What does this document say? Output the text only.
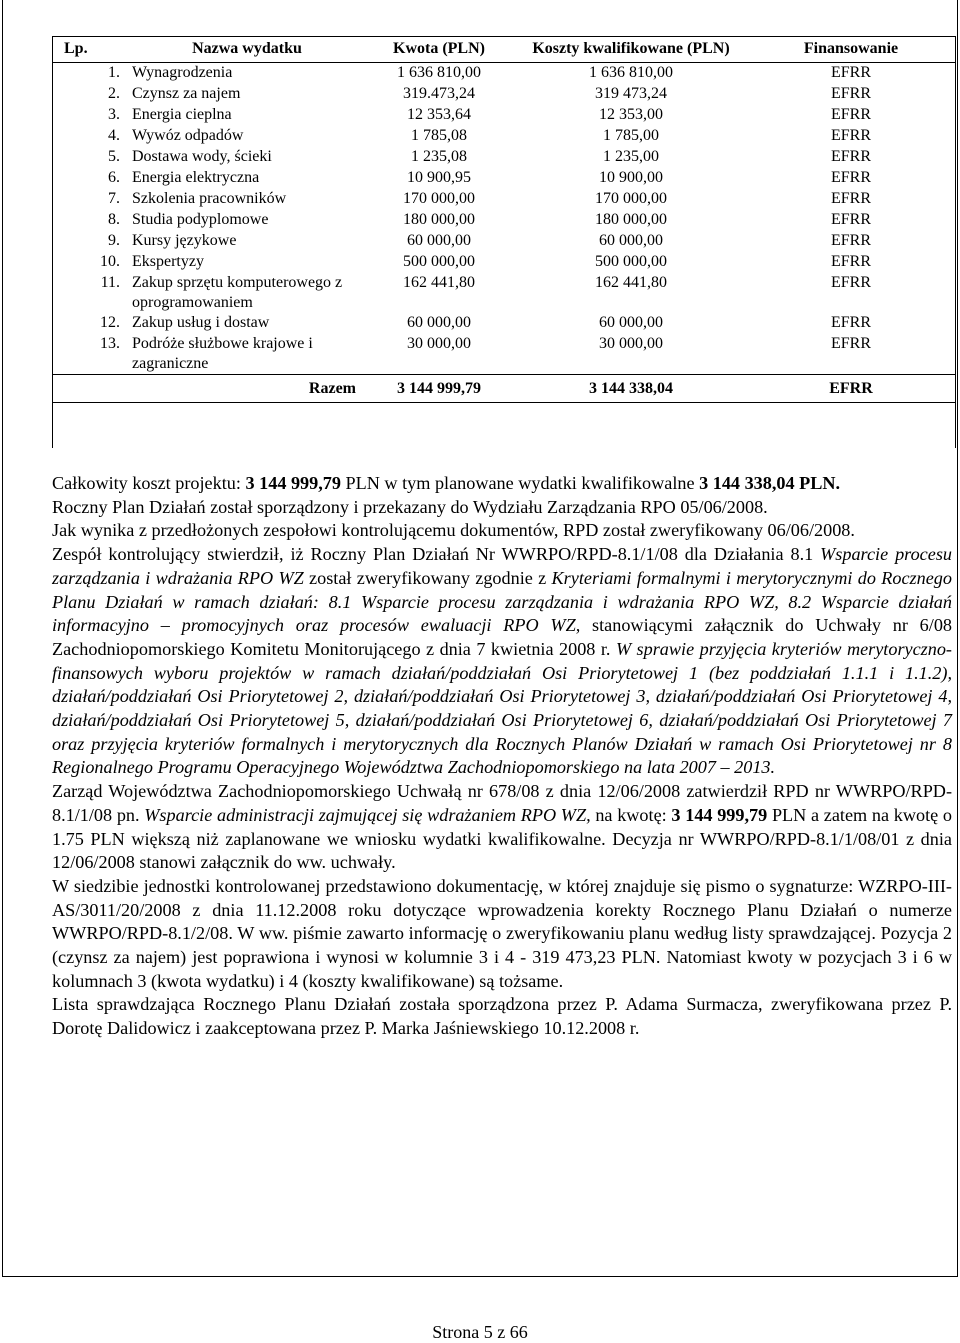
Lp.	Nazwa wydatku	Kwota (PLN)	Koszty kwalifikowane (PLN)	Finansowanie
1.	Wynagrodzenia	1 636 810,00	1 636 810,00	EFRR
2.	Czynsz za najem	319.473,24	319 473,24	EFRR
3.	Energia cieplna	12 353,64	12 353,00	EFRR
4.	Wywóz odpadów	1 785,08	1 785,00	EFRR
5.	Dostawa wody, ścieki	1 235,08	1 235,00	EFRR
6.	Energia elektryczna	10 900,95	10 900,00	EFRR
7.	Szkolenia pracowników	170 000,00	170 000,00	EFRR
8.	Studia podyplomowe	180 000,00	180 000,00	EFRR
9.	Kursy językowe	60 000,00	60 000,00	EFRR
10.	Ekspertyzy	500 000,00	500 000,00	EFRR
11.	Zakup sprzętu komputerowego z oprogramowaniem	162 441,80	162 441,80	EFRR
12.	Zakup usług i dostaw	60 000,00	60 000,00	EFRR
13.	Podróże służbowe krajowe i zagraniczne	30 000,00	30 000,00	EFRR
	Razem	3 144 999,79	3 144 338,04	EFRR

Całkowity koszt projektu: 3 144 999,79 PLN w tym planowane wydatki kwalifikowalne 3 144 338,04 PLN.

Roczny Plan Działań został sporządzony i przekazany do Wydziału Zarządzania RPO 05/06/2008.

Jak wynika z przedłożonych zespołowi kontrolującemu dokumentów, RPD został zweryfikowany 06/06/2008.

Zespół kontrolujący stwierdził, iż Roczny Plan Działań Nr WWRPO/RPD-8.1/1/08 dla Działania 8.1 Wsparcie procesu zarządzania i wdrażania RPO WZ został zweryfikowany zgodnie z Kryteriami formalnymi i merytorycznymi do Rocznego Planu Działań w ramach działań: 8.1 Wsparcie procesu zarządzania i wdrażania RPO WZ, 8.2 Wsparcie działań informacyjno – promocyjnych oraz procesów ewaluacji RPO WZ, stanowiącymi załącznik do Uchwały nr 6/08 Zachodniopomorskiego Komitetu Monitorującego z dnia 7 kwietnia 2008 r. W sprawie przyjęcia kryteriów merytoryczno-finansowych wyboru projektów w ramach działań/poddziałań Osi Priorytetowej 1 (bez poddziałań 1.1.1 i 1.1.2), działań/poddziałań Osi Priorytetowej 2, działań/poddziałań Osi Priorytetowej 3, działań/poddziałań Osi Priorytetowej 4, działań/poddziałań Osi Priorytetowej 5, działań/poddziałań Osi Priorytetowej 6, działań/poddziałań Osi Priorytetowej 7 oraz przyjęcia kryteriów formalnych i merytorycznych dla Rocznych Planów Działań w ramach Osi Priorytetowej nr 8 Regionalnego Programu Operacyjnego Województwa Zachodniopomorskiego na lata 2007 – 2013.

Zarząd Województwa Zachodniopomorskiego Uchwałą nr 678/08 z dnia 12/06/2008 zatwierdził RPD nr WWRPO/RPD-8.1/1/08 pn. Wsparcie administracji zajmującej się wdrażaniem RPO WZ, na kwotę: 3 144 999,79 PLN a zatem na kwotę o 1.75 PLN większą niż zaplanowane we wniosku wydatki kwalifikowalne. Decyzja nr WWRPO/RPD-8.1/1/08/01 z dnia 12/06/2008 stanowi załącznik do ww. uchwały.

W siedzibie jednostki kontrolowanej przedstawiono dokumentację, w której znajduje się pismo o sygnaturze: WZRPO-III-AS/3011/20/2008 z dnia 11.12.2008 roku dotyczące wprowadzenia korekty Rocznego Planu Działań o numerze WWRPO/RPD-8.1/2/08. W ww. piśmie zawarto informację o zweryfikowaniu planu według listy sprawdzającej. Pozycja 2 (czynsz za najem) jest poprawiona i wynosi w kolumnie 3 i 4 - 319 473,23 PLN. Natomiast kwoty w pozycjach 3 i 6 w kolumnach 3 (kwota wydatku) i 4 (koszty kwalifikowane) są tożsame.

Lista sprawdzająca Rocznego Planu Działań została sporządzona przez P. Adama Surmacza, zweryfikowana przez P. Dorotę Dalidowicz i zaakceptowana przez P. Marka Jaśniewskiego 10.12.2008 r.

Strona 5 z 66
